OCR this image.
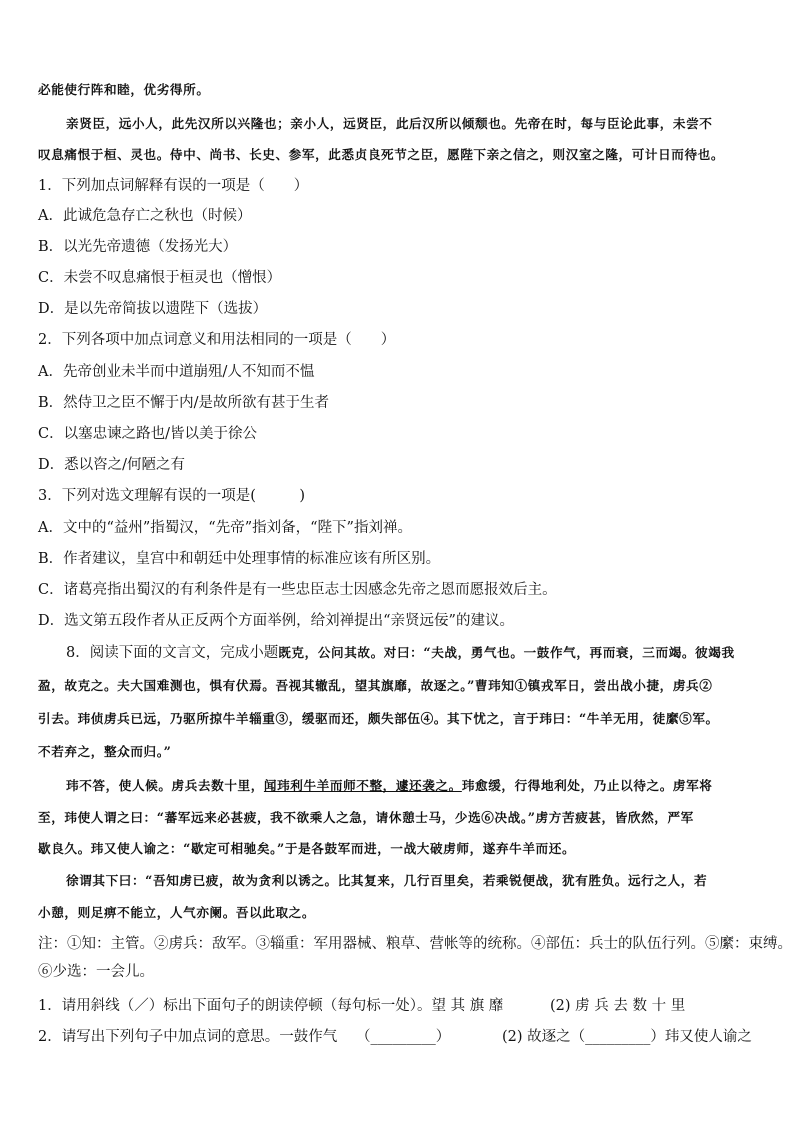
必能使行阵和睦，优劣得所。
亲贤臣，远小人，此先汉所以兴隆也；亲小人，远贤臣，此后汉所以倾颓也。先帝在时，每与臣论此事，未尝不
叹息痛恨于桓、灵也。侍中、尚书、长史、参军，此悉贞良死节之臣，愿陛下亲之信之，则汉室之隆，可计日而待也。
1．下列加点词解释有误的一项是（　　）
A．此诚危急存亡之秋也（时候）
B．以光先帝遗德（发扬光大）
C．未尝不叹息痛恨于桓灵也（憎恨）
D．是以先帝简拔以遗陛下（选拔）
2．下列各项中加点词意义和用法相同的一项是（　　）
A．先帝创业未半而中道崩殂/人不知而不愠
B．然侍卫之臣不懈于内/是故所欲有甚于生者
C．以塞忠谏之路也/皆以美于徐公
D．悉以咨之/何陋之有
3．下列对选文理解有误的一项是(　　　)
A．文中的“益州”指蜀汉，“先帝”指刘备，“陛下”指刘禅。
B．作者建议，皇宫中和朝廷中处理事情的标准应该有所区别。
C．诸葛亮指出蜀汉的有利条件是有一些忠臣志士因感念先帝之恩而愿报效后主。
D．选文第五段作者从正反两个方面举例，给刘禅提出“亲贤远佞”的建议。
8．阅读下面的文言文，完成小题既克，公问其故。对曰：“夫战，勇气也。一鼓作气，再而衰，三而竭。彼竭我
盈，故克之。夫大国难测也，惧有伏焉。吾视其辙乱，望其旗靡，故逐之。”曹玮知①镇戎军日，尝出战小捷，虏兵②
引去。玮侦虏兵已远，乃驱所掠牛羊辎重③，缓驱而还，颇失部伍④。其下忧之，言于玮曰：“牛羊无用，徒縻⑤军。
不若弃之，整众而归。”
玮不答，使人候。虏兵去数十里，闻玮利牛羊而师不整，遽还袭之。玮愈缓，行得地利处，乃止以待之。虏军将
至，玮使人谓之曰：“蕃军远来必甚疲，我不欲乘人之急，请休憩士马，少选⑥决战。”虏方苦疲甚，皆欣然，严军
歇良久。玮又使人谕之：“歇定可相驰矣。”于是各鼓军而进，一战大破虏师，遂弃牛羊而还。
徐谓其下曰：“吾知虏已疲，故为贪利以诱之。比其复来，几行百里矣，若乘锐便战，犹有胜负。远行之人，若
小憩，则足痹不能立，人气亦阑。吾以此取之。
注：①知：主管。②虏兵：敌军。③辎重：军用器械、粮草、营帐等的统称。④部伍：兵士的队伍行列。⑤縻：束缚。
⑥少选：一会儿。
1．请用斜线（／）标出下面句子的朗读停顿（每句标一处）。望 其 旗 靡	(2) 虏 兵 去 数 十 里
2．请写出下列句子中加点词的意思。一鼓作气 （_________）	(2) 故逐之（_________）玮又使人谕之
